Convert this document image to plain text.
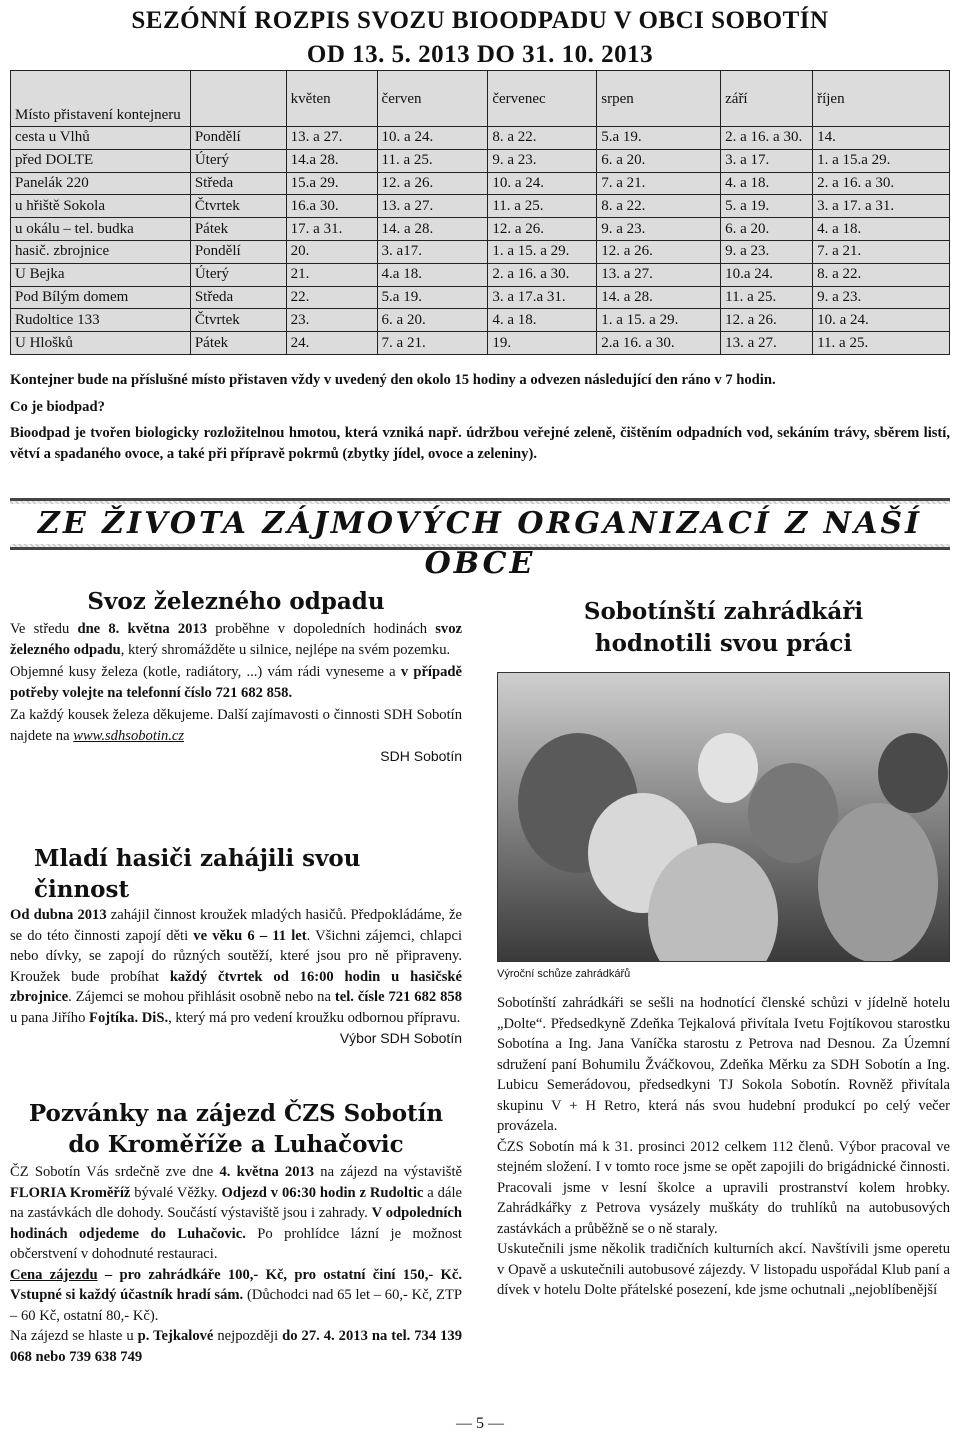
SEZÓNNÍ ROZPIS SVOZU BIOODPADU V OBCI SOBOTÍN
OD 13. 5. 2013 DO 31. 10. 2013
Místo přistavení kontejneru		květen	červen	červenec	srpen	září	říjen
cesta u Vlhů	Pondělí	13. a 27.	10. a 24.	8. a 22.	5.a 19.	2. a 16. a 30.	14.
před DOLTE	Úterý	14.a 28.	11. a 25.	9. a 23.	6. a 20.	3. a 17.	1. a 15.a 29.
Panelák 220	Středa	15.a 29.	12. a 26.	10. a 24.	7. a 21.	4. a 18.	2. a 16. a 30.
u hřiště Sokola	Čtvrtek	16.a 30.	13. a 27.	11. a 25.	8. a 22.	5. a 19.	3. a 17. a 31.
u okálu – tel. budka	Pátek	17. a 31.	14. a 28.	12. a 26.	9. a 23.	6. a 20.	4. a 18.
hasič. zbrojnice	Pondělí	20.	3. a17.	1. a 15. a 29.	12. a 26.	9. a 23.	7. a 21.
U Bejka	Úterý	21.	4.a 18.	2. a 16. a 30.	13. a 27.	10.a 24.	8. a 22.
Pod Bílým domem	Středa	22.	5.a 19.	3. a 17.a 31.	14. a 28.	11. a 25.	9. a 23.
Rudoltice 133	Čtvrtek	23.	6. a 20.	4. a 18.	1. a 15. a 29.	12. a 26.	10. a 24.
U Hlošků	Pátek	24.	7. a 21.	19.	2.a 16. a 30.	13. a 27.	11. a 25.
Kontejner bude na příslušné místo přistaven vždy v uvedený den okolo 15 hodiny a odvezen následující den ráno v 7 hodin.
Co je biodpad?
Bioodpad je tvořen biologicky rozložitelnou hmotou, která vzniká např. údržbou veřejné zeleně, čištěním odpadních vod, sekáním trávy, sběrem listí, větví a spadaného ovoce, a také při přípravě pokrmů (zbytky jídel, ovoce a zeleniny).
ZE ŽIVOTA ZÁJMOVÝCH ORGANIZACÍ Z NAŠÍ OBCE
Svoz železného odpadu
Ve středu dne 8. května 2013 proběhne v dopoledních hodinách svoz železného odpadu, který shromážděte u silnice, nejlépe na svém pozemku.
Objemné kusy železa (kotle, radiátory, ...) vám rádi vyneseme a v případě potřeby volejte na telefonní číslo 721 682 858.
Za každý kousek železa děkujeme. Další zajímavosti o činnosti SDH Sobotín najdete na www.sdhsobotin.cz
SDH Sobotín
Mladí hasiči zahájili svou činnost
Od dubna 2013 zahájil činnost kroužek mladých hasičů. Předpokládáme, že se do této činnosti zapojí děti ve věku 6 – 11 let. Všichni zájemci, chlapci nebo dívky, se zapojí do různých soutěží, které jsou pro ně připraveny. Kroužek bude probíhat každý čtvrtek od 16:00 hodin u hasičské zbrojnice. Zájemci se mohou přihlásit osobně nebo na tel. čísle 721 682 858 u pana Jiřího Fojtíka. DiS., který má pro vedení kroužku odbornou přípravu.
Výbor SDH Sobotín
Pozvánky na zájezd ČZS Sobotín do Kroměříže a Luhačovic
ČZ Sobotín Vás srdečně zve dne 4. května 2013 na zájezd na výstaviště FLORIA Kroměříž bývalé Věžky. Odjezd v 06:30 hodin z Rudoltic a dále na zastávkách dle dohody. Součástí výstaviště jsou i zahrady. V odpoledních hodinách odjedeme do Luhačovic. Po prohlídce lázní je možnost občerstvení v dohodnuté restauraci.
Cena zájezdu – pro zahrádkáře 100,- Kč, pro ostatní činí 150,- Kč. Vstupné si každý účastník hradí sám. (Důchodci nad 65 let – 60,- Kč, ZTP – 60 Kč, ostatní 80,- Kč).
Na zájezd se hlaste u p. Tejkalové nejpozději do 27. 4. 2013 na tel. 734 139 068 nebo 739 638 749
Sobotínští zahrádkáři hodnotili svou práci
Výroční schůze zahrádkářů
Sobotínští zahrádkáři se sešli na hodnotící členské schůzi v jídelně hotelu „Dolte“. Předsedkyně Zdeňka Tejkalová přivítala Ivetu Fojtíkovou starostku Sobotína a Ing. Jana Vaníčka starostu z Petrova nad Desnou. Za Územní sdružení paní Bohumilu Žváčkovou, Zdeňka Měrku za SDH Sobotín a Ing. Lubicu Semerádovou, předsedkyni TJ Sokola Sobotín. Rovněž přivítala skupinu V + H Retro, která nás svou hudební produkcí po celý večer provázela.
ČZS Sobotín má k 31. prosinci 2012 celkem 112 členů. Výbor pracoval ve stejném složení. I v tomto roce jsme se opět zapojili do brigádnické činnosti. Pracovali jsme v lesní školce a upravili prostranství kolem hrobky. Zahrádkářky z Petrova vysázely muškáty do truhlíků na autobusových zastávkách a průběžně se o ně staraly.
Uskutečnili jsme několik tradičních kulturních akcí. Navštívili jsme operetu v Opavě a uskutečnili autobusové zájezdy. V listopadu uspořádal Klub paní a dívek v hotelu Dolte přátelské posezení, kde jsme ochutnali „nejoblíbenější
— 5 —
